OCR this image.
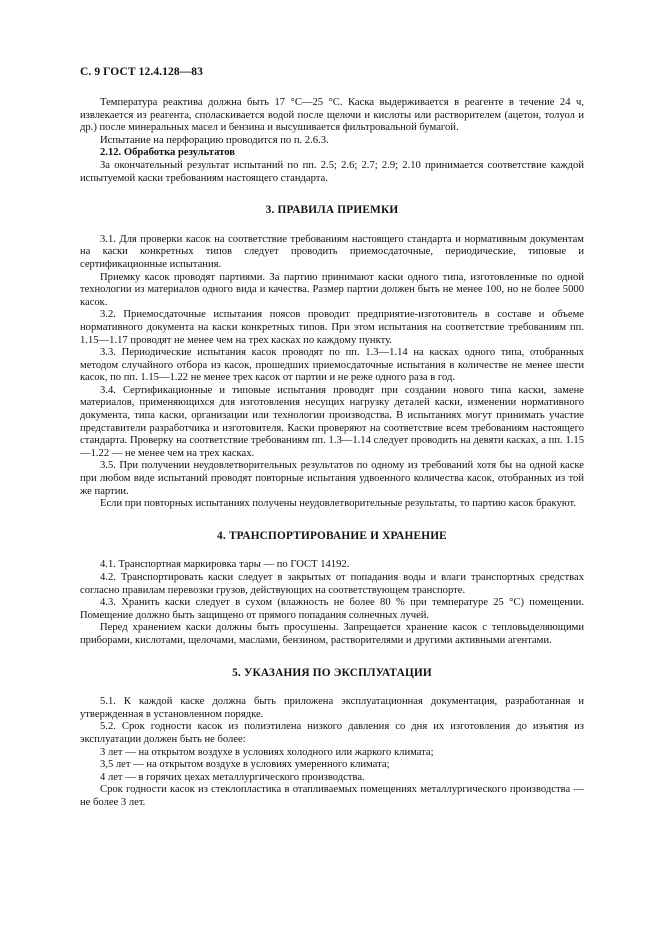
С. 9 ГОСТ 12.4.128—83

Температура реактива должна быть 17 °С—25 °С. Каска выдерживается в реагенте в течение 24 ч, извлекается из реагента, споласкивается водой после щелочи и кислоты или растворителем (ацетон, толуол и др.) после минеральных масел и бензина и высушивается фильтровальной бумагой.

Испытание на перфорацию проводится по п. 2.6.3.

2.12. Обработка результатов

За окончательный результат испытаний по пп. 2.5; 2.6; 2.7; 2.9; 2.10 принимается соответствие каждой испытуемой каски требованиям настоящего стандарта.

3. ПРАВИЛА ПРИЕМКИ

3.1. Для проверки касок на соответствие требованиям настоящего стандарта и нормативным документам на каски конкретных типов следует проводить приемосдаточные, периодические, типовые и сертификационные испытания.

Приемку касок проводят партиями. За партию принимают каски одного типа, изготовленные по одной технологии из материалов одного вида и качества. Размер партии должен быть не менее 100, но не более 5000 касок.

3.2. Приемосдаточные испытания поясов проводит предприятие-изготовитель в составе и объеме нормативного документа на каски конкретных типов. При этом испытания на соответствие требованиям пп. 1.15—1.17 проводят не менее чем на трех касках по каждому пункту.

3.3. Периодические испытания касок проводят по пп. 1.3—1.14 на касках одного типа, отобранных методом случайного отбора из касок, прошедших приемосдаточные испытания в количестве не менее шести касок, по пп. 1.15—1.22 не менее трех касок от партии и не реже одного раза в год.

3.4. Сертификационные и типовые испытания проводят при создании нового типа каски, замене материалов, применяющихся для изготовления несущих нагрузку деталей каски, изменении нормативного документа, типа каски, организации или технологии производства. В испытаниях могут принимать участие представители разработчика и изготовителя. Каски проверяют на соответствие всем требованиям настоящего стандарта. Проверку на соответствие требованиям пп. 1.3—1.14 следует проводить на девяти касках, а пп. 1.15—1.22 — не менее чем на трех касках.

3.5. При получении неудовлетворительных результатов по одному из требований хотя бы на одной каске при любом виде испытаний проводят повторные испытания удвоенного количества касок, отобранных из той же партии.

Если при повторных испытаниях получены неудовлетворительные результаты, то партию касок бракуют.

4. ТРАНСПОРТИРОВАНИЕ И ХРАНЕНИЕ

4.1. Транспортная маркировка тары — по ГОСТ 14192.

4.2. Транспортировать каски следует в закрытых от попадания воды и влаги транспортных средствах согласно правилам перевозки грузов, действующих на соответствующем транспорте.

4.3. Хранить каски следует в сухом (влажность не более 80 % при температуре 25 °С) помещении. Помещение должно быть защищено от прямого попадания солнечных лучей.

Перед хранением каски должны быть просушены. Запрещается хранение касок с тепловыделяющими приборами, кислотами, щелочами, маслами, бензином, растворителями и другими активными агентами.

5. УКАЗАНИЯ ПО ЭКСПЛУАТАЦИИ

5.1. К каждой каске должна быть приложена эксплуатационная документация, разработанная и утвержденная в установленном порядке.

5.2. Срок годности касок из полиэтилена низкого давления со дня их изготовления до изъятия из эксплуатации должен быть не более:

3 лет — на открытом воздухе в условиях холодного или жаркого климата;

3,5 лет — на открытом воздухе в условиях умеренного климата;

4 лет — в горячих цехах металлургического производства.

Срок годности касок из стеклопластика в отапливаемых помещениях металлургического производства — не более 3 лет.
